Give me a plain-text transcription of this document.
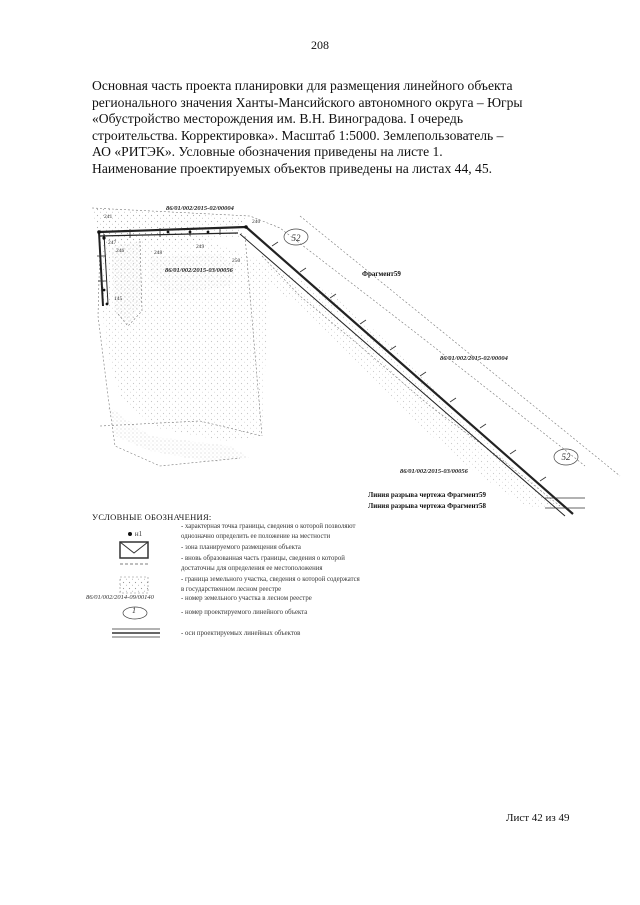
208
Основная часть проекта планировки для размещения линейного объекта
регионального значения Ханты-Мансийского автономного округа – Югры
«Обустройство месторождения им. В.Н. Виноградова. I очередь
строительства. Корректировка». Масштаб 1:5000. Землепользователь –
АО «РИТЭК». Условные обозначения приведены на листе 1.
Наименование проектируемых объектов приведены на листах 44, 45.
86/01/002/2015-02/00004
86/01/002/2015-03/00056
86/01/002/2015-02/00004
86/01/002/2015-03/00056
52
52
Фрагмент59
Линия разрыва чертежа Фрагмент59
Линия разрыва чертежа Фрагмент58
241
240
247
246
249
248
250
145
УСЛОВНЫЕ ОБОЗНАЧЕНИЯ:
н1
- характерная точка границы, сведения о которой позволяют
однозначно определить ее положение на местности
- зона планируемого размещения объекта
- вновь образованная часть границы, сведения о которой
достаточны для определения ее местоположения
- граница земельного участка, сведения о которой содержатся
в государственном лесном реестре
86/01/002/2014-09/00140	- номер земельного участка в лесном реестре
1	- номер проектируемого линейного объекта
- оси проектируемых линейных объектов
Лист 42 из 49
